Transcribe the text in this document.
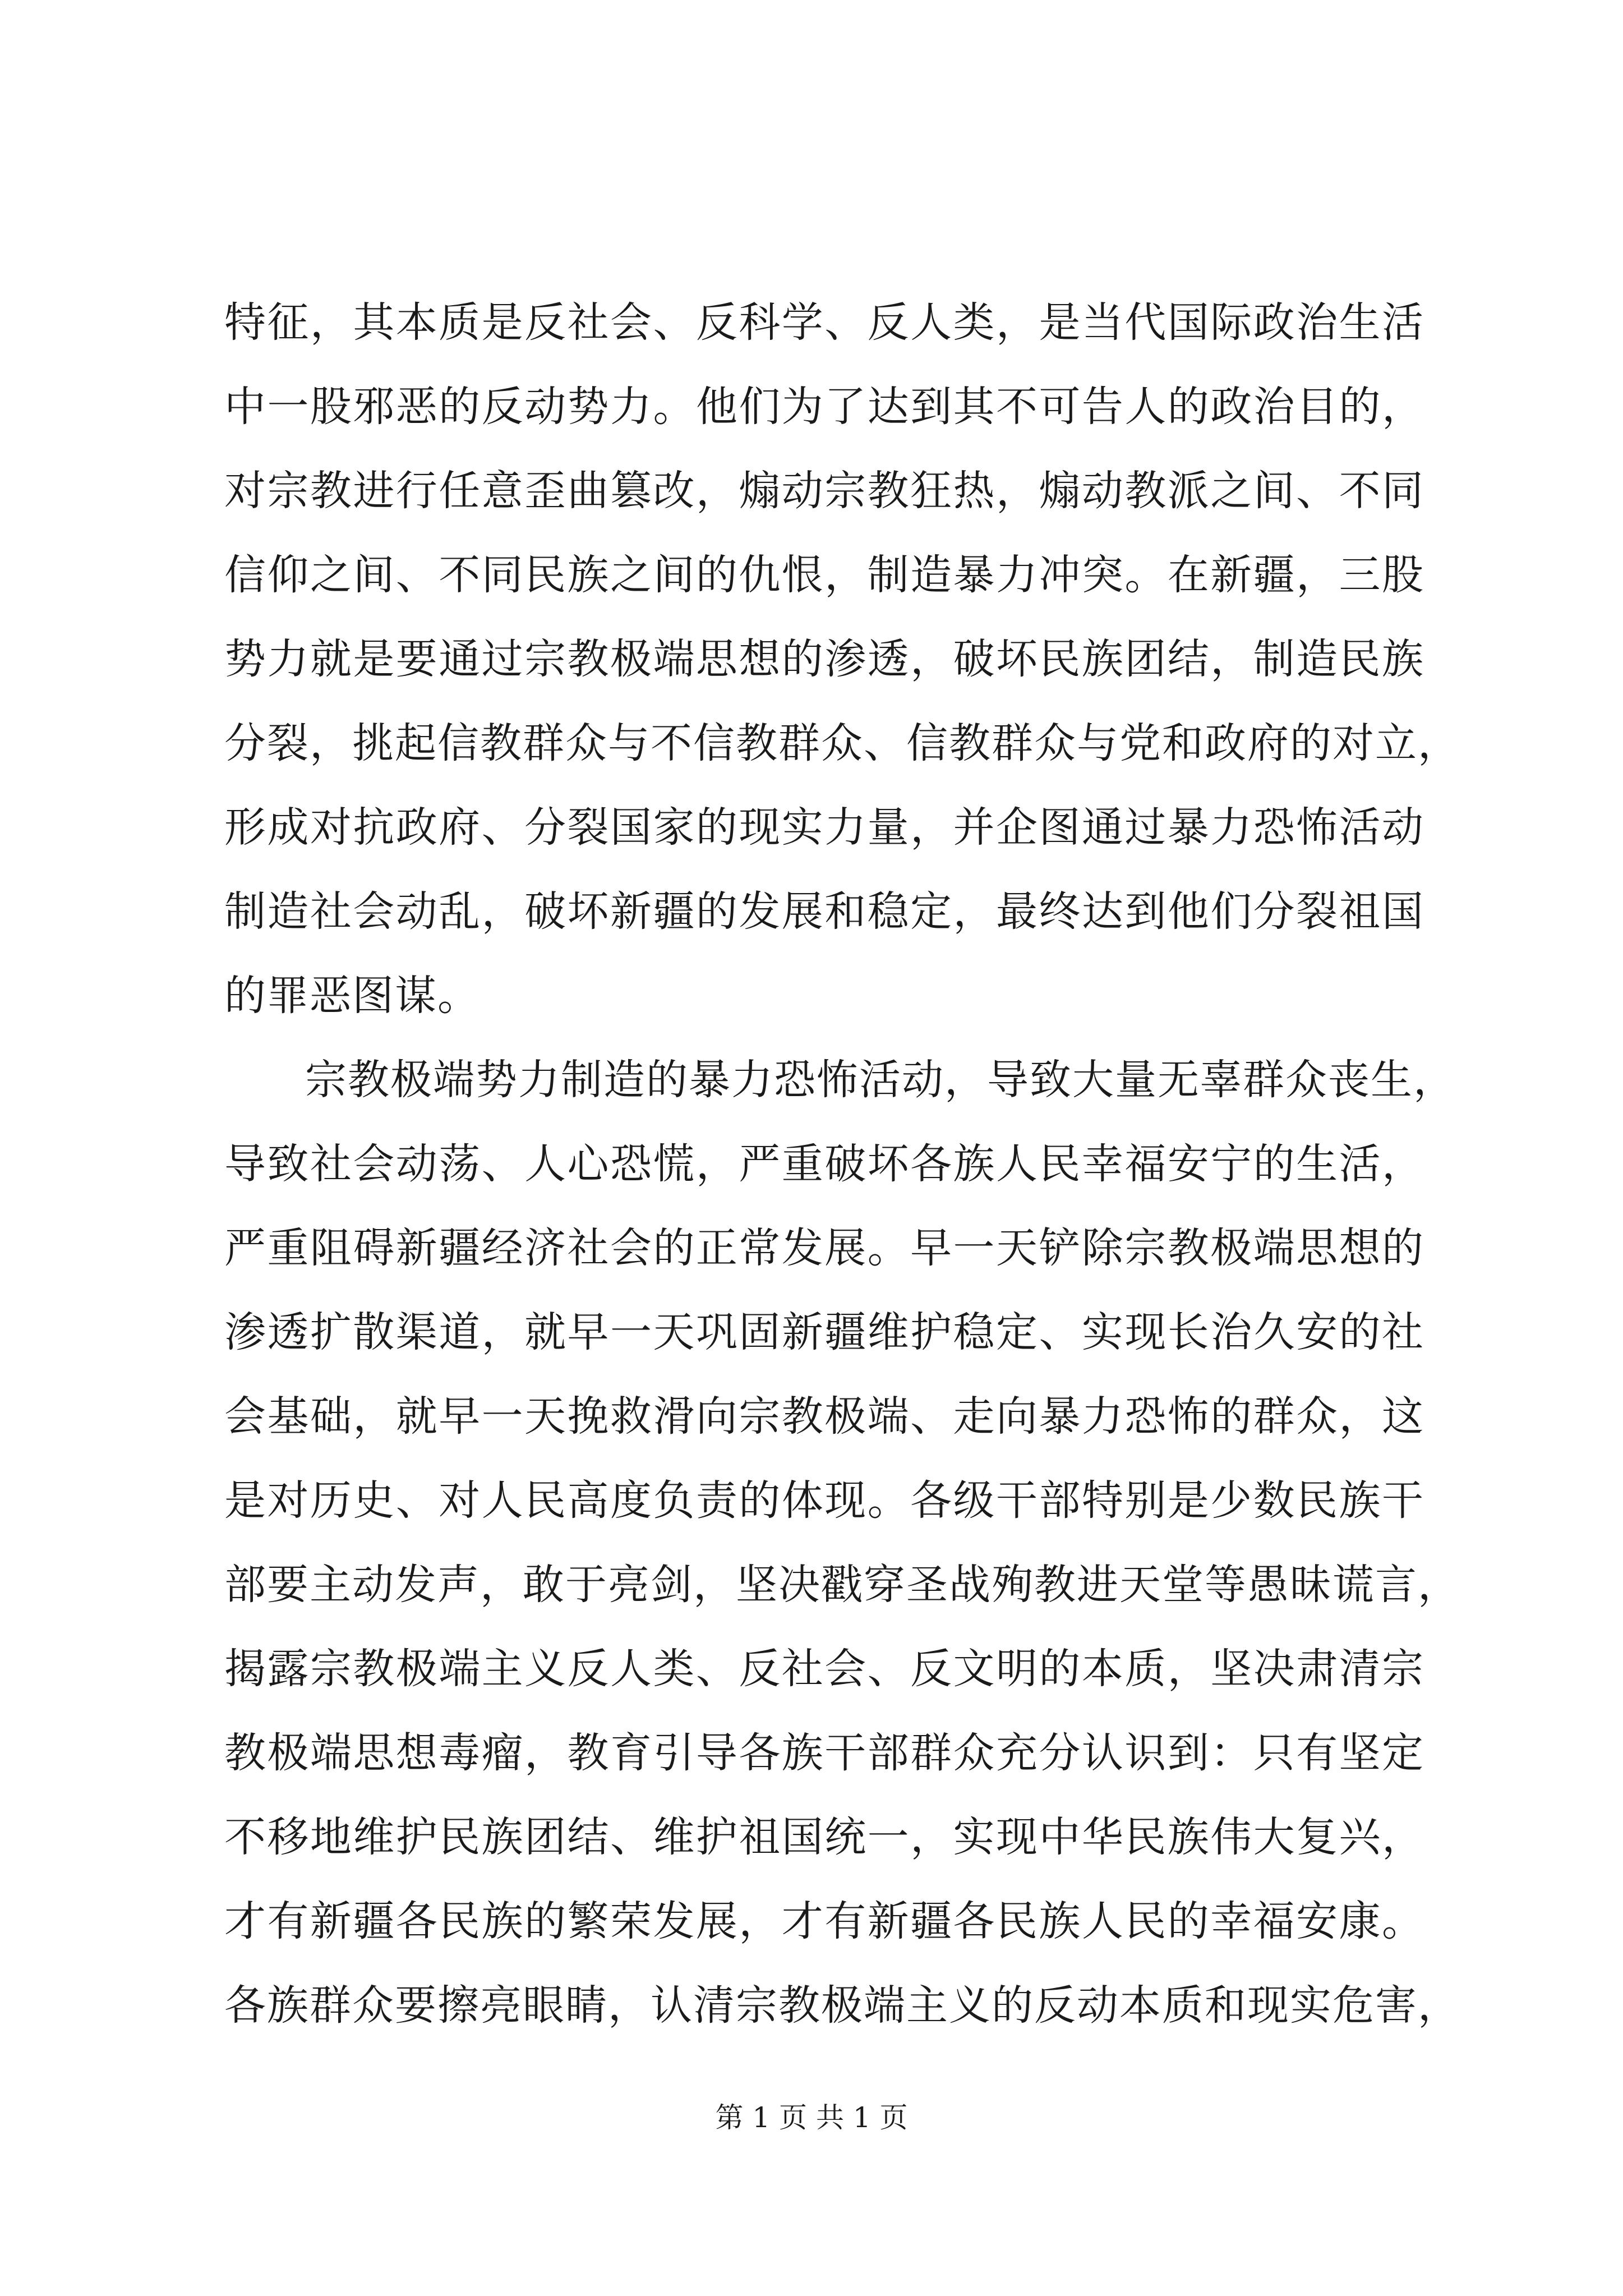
特征，其本质是反社会、反科学、反人类，是当代国际政治生活
中一股邪恶的反动势力。他们为了达到其不可告人的政治目的，
对宗教进行任意歪曲篡改，煽动宗教狂热，煽动教派之间、不同
信仰之间、不同民族之间的仇恨，制造暴力冲突。在新疆，三股
势力就是要通过宗教极端思想的渗透，破坏民族团结，制造民族
分裂，挑起信教群众与不信教群众、信教群众与党和政府的对立，
形成对抗政府、分裂国家的现实力量，并企图通过暴力恐怖活动
制造社会动乱，破坏新疆的发展和稳定，最终达到他们分裂祖国
的罪恶图谋。
宗教极端势力制造的暴力恐怖活动，导致大量无辜群众丧生，
导致社会动荡、人心恐慌，严重破坏各族人民幸福安宁的生活，
严重阻碍新疆经济社会的正常发展。早一天铲除宗教极端思想的
渗透扩散渠道，就早一天巩固新疆维护稳定、实现长治久安的社
会基础，就早一天挽救滑向宗教极端、走向暴力恐怖的群众，这
是对历史、对人民高度负责的体现。各级干部特别是少数民族干
部要主动发声，敢于亮剑，坚决戳穿圣战殉教进天堂等愚昧谎言，
揭露宗教极端主义反人类、反社会、反文明的本质，坚决肃清宗
教极端思想毒瘤，教育引导各族干部群众充分认识到：只有坚定
不移地维护民族团结、维护祖国统一，实现中华民族伟大复兴，
才有新疆各民族的繁荣发展，才有新疆各民族人民的幸福安康。
各族群众要擦亮眼睛，认清宗教极端主义的反动本质和现实危害，
第 1 页 共 1 页
